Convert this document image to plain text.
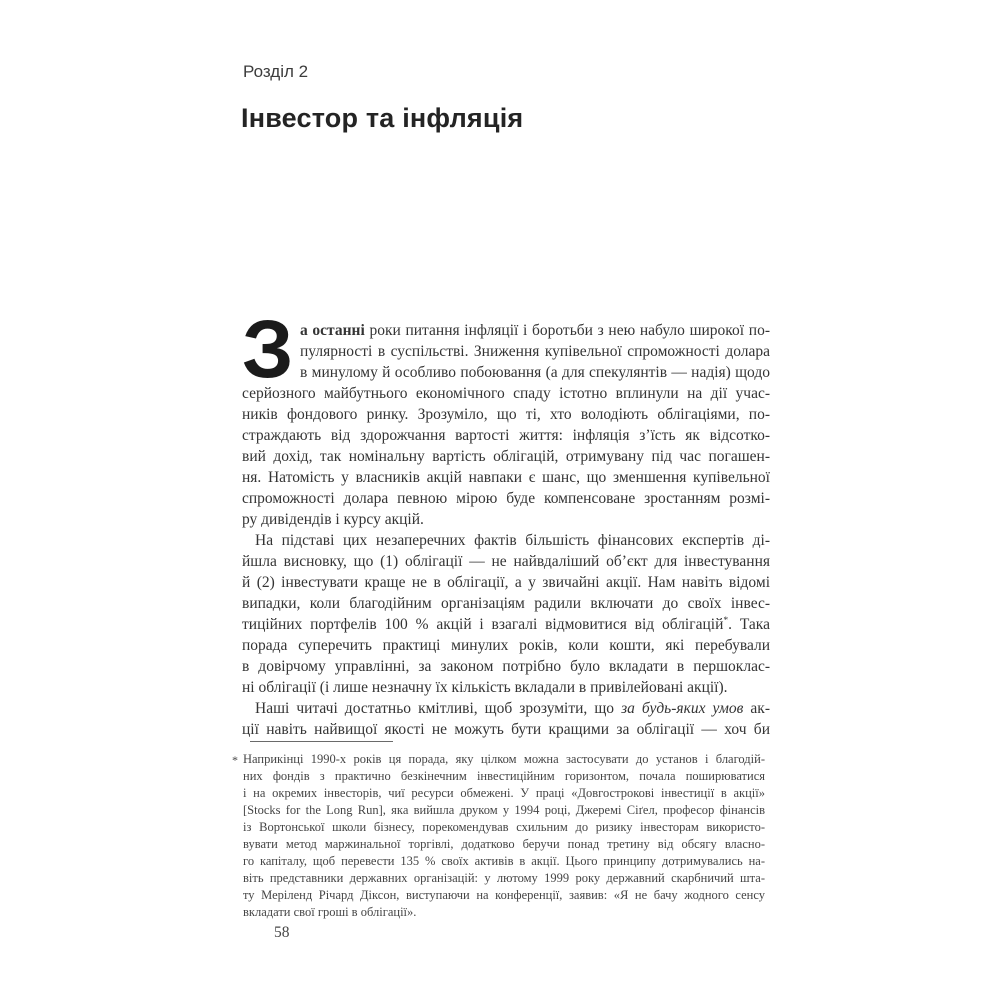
Розділ 2
Інвестор та інфляція
З а останні роки питання інфляції і боротьби з нею набуло широкої по-
пулярності в суспільстві. Зниження купівельної спроможності долара
в минулому й особливо побоювання (а для спекулянтів — надія) щодо
серйозного майбутнього економічного спаду істотно вплинули на дії учас-
ників фондового ринку. Зрозуміло, що ті, хто володіють облігаціями, по-
страждають від здорожчання вартості життя: інфляція з’їсть як відсотко-
вий дохід, так номінальну вартість облігацій, отримувану під час погашен-
ня. Натомість у власників акцій навпаки є шанс, що зменшення купівельної
спроможності долара певною мірою буде компенсоване зростанням розмі-
ру дивідендів і курсу акцій.
На підставі цих незаперечних фактів більшість фінансових експертів ді-
йшла висновку, що (1) облігації — не найвдаліший об’єкт для інвестування
й (2) інвестувати краще не в облігації, а у звичайні акції. Нам навіть відомі
випадки, коли благодійним організаціям радили включати до своїх інвес-
тиційних портфелів 100 % акцій і взагалі відмовитися від облігацій*. Така
порада суперечить практиці минулих років, коли кошти, які перебували
в довірчому управлінні, за законом потрібно було вкладати в першоклас-
ні облігації (і лише незначну їх кількість вкладали в привілейовані акції).
Наші читачі достатньо кмітливі, щоб зрозуміти, що за будь-яких умов ак-
ції навіть найвищої якості не можуть бути кращими за облігації — хоч би
* Наприкінці 1990-х років ця порада, яку цілком можна застосувати до установ і благодій-
них фондів з практично безкінечним інвестиційним горизонтом, почала поширюватися
і на окремих інвесторів, чиї ресурси обмежені. У праці «Довгострокові інвестиції в акції»
[Stocks for the Long Run], яка вийшла друком у 1994 році, Джеремі Сіґел, професор фінансів
із Вортонської школи бізнесу, порекомендував схильним до ризику інвесторам використо-
вувати метод маржинальної торгівлі, додатково беручи понад третину від обсягу власно-
го капіталу, щоб перевести 135 % своїх активів в акції. Цього принципу дотримувались на-
віть представники державних організацій: у лютому 1999 року державний скарбничий шта-
ту Меріленд Річард Діксон, виступаючи на конференції, заявив: «Я не бачу жодного сенсу
вкладати свої гроші в облігації».
58
